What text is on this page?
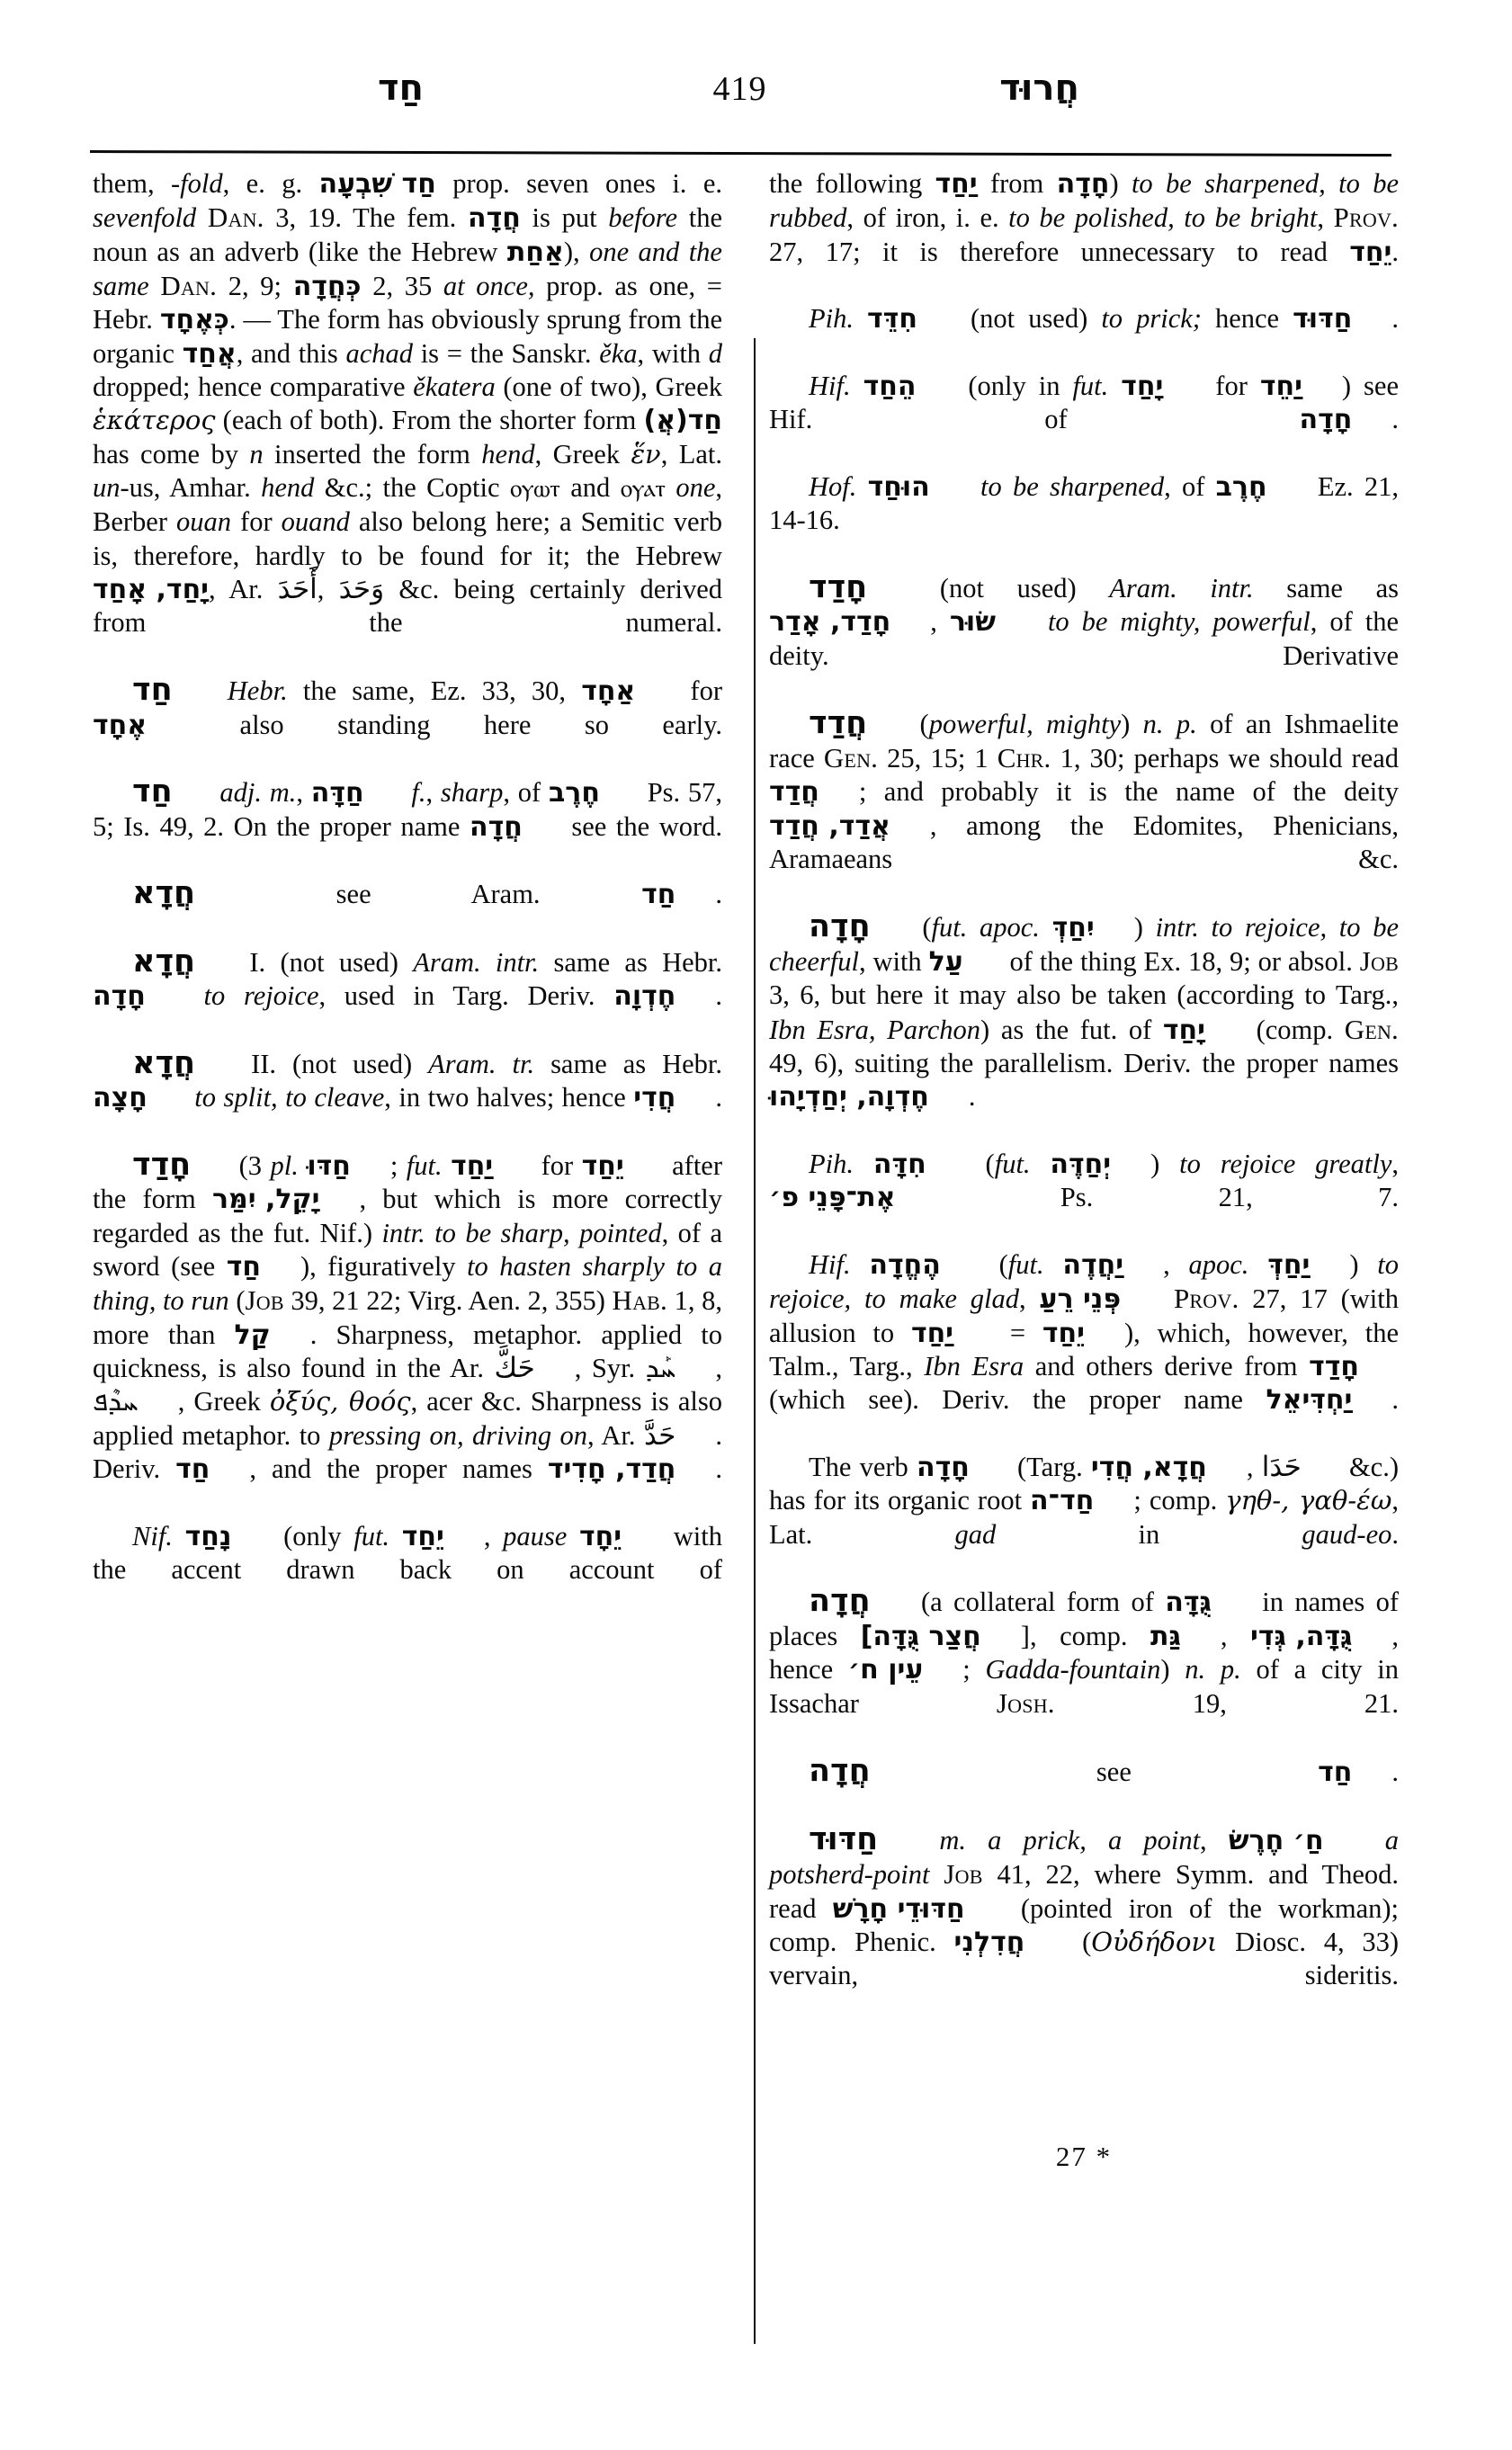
חַד	419	חֲרוּד

them, -fold, e. g. חַד שִׁבְעָה prop. seven ones i. e. sevenfold Dan. 3, 19. The fem. חֲדָה is put before the noun as an adverb (like the Hebrew אַחַת), one and the same Dan. 2, 9; כְּחֲדָה 2, 35 at once, prop. as one, = Hebr. כְּאֶחָד. — The form has obviously sprung from the organic אֲחַד, and this achad is = the Sanskr. ěka, with d dropped; hence comparative ěkatera (one of two), Greek ἑκάτερος (each of both). From the shorter form חַד(אֲ) has come by n inserted the form hend, Greek ἕν, Lat. un-us, Amhar. hend &c.; the Coptic ⲟⲩⲱⲧ and ⲟⲩⲁⲧ one, Berber ouan for ouand also belong here; a Semitic verb is, therefore, hardly to be found for it; the Hebrew יָחַד, אָחַד, Ar. أَحَدَ, وَحَدَ &c. being certainly derived from the numeral.

חַד Hebr. the same, Ez. 33, 30, אַחָד for אֶחָד also standing here so early.

חַד adj. m., חַדָּה f., sharp, of חֶרֶב Ps. 57, 5; Is. 49, 2. On the proper name חֲדָה see the word.

חֲדָא see Aram. חַד .

חֲדָא I. (not used) Aram. intr. same as Hebr. חָדָה to rejoice, used in Targ. Deriv. חֶדְוָה .

חֲדָא II. (not used) Aram. tr. same as Hebr. חָצָה to split, to cleave, in two halves; hence חֲדִי .

חָדַד (3 pl. חַדּוּ ; fut. יַחַד for יֵחַד after the form יָקֵל, יִמַּר , but which is more correctly regarded as the fut. Nif.) intr. to be sharp, pointed, of a sword (see חַד ), figuratively to hasten sharply to a thing, to run (Job 39, 21 22; Virg. Aen. 2, 355) Hab. 1, 8, more than קַל . Sharpness, metaphor. applied to quickness, is also found in the Ar. حَكَّ , Syr. ܚܰܕ , ܚܕܶܦ , Greek ὀξύς, θοός, acer &c. Sharpness is also applied metaphor. to pressing on, driving on, Ar. حَدَّ . Deriv. חַד , and the proper names חֲדַד, חָדִיד .

Nif. נָחַד (only fut. יֵחַד , pause יֵחָד with the accent drawn back on account of

the following יַחַד from חָדָה) to be sharpened, to be rubbed, of iron, i. e. to be polished, to be bright, Prov. 27, 17; it is therefore unnecessary to read יֵחַד.

Pih. חִדֵּד (not used) to prick; hence חַדּוּד .

Hif. הֵחַד (only in fut. יָחַד for יַחֵד ) see Hif. of חָדָה .

Hof. הוּחַד to be sharpened, of חֶרֶב Ez. 21, 14-16.

חָדַד (not used) Aram. intr. same as חָדַד, אָדַר , שׂוּר to be mighty, powerful, of the deity. Derivative

חֲדַד (powerful, mighty) n. p. of an Ishmaelite race Gen. 25, 15; 1 Chr. 1, 30; perhaps we should read חֲדַד ; and probably it is the name of the deity אֲדַד, חֲדַד , among the Edomites, Phenicians, Aramaeans &c.

חָדָה (fut. apoc. יִחַדְּ ) intr. to rejoice, to be cheerful, with עַל of the thing Ex. 18, 9; or absol. Job 3, 6, but here it may also be taken (according to Targ., Ibn Esra, Parchon) as the fut. of יָחַד (comp. Gen. 49, 6), suiting the parallelism. Deriv. the proper names חֶדְוָה, יְחַדְיָהוּ .

Pih. חִדָּה (fut. יְחַדֶּה ) to rejoice greatly, אֶת־פָּנֵי פ׳ Ps. 21, 7.

Hif. הֶחֱדָה (fut. יַחֲדֶה , apoc. יַחַדְּ ) to rejoice, to make glad, פְּנֵי רֵעַ Prov. 27, 17 (with allusion to יַחַד = יֵחַד ), which, however, the Talm., Targ., Ibn Esra and others derive from חָדַד (which see). Deriv. the proper name יַחְדִּיאֵל .

The verb חָדָה (Targ. חֲדָא, חֲדִי , حَدَا &c.) has for its organic root חַד־ה ; comp. γηθ-, γαθ-έω, Lat. gad in gaud-eo.

חֲדָה (a collateral form of גֻּדָּה in names of places חֲצַר גֻּדָּה] ], comp. גַּת , גֻּדָּה, גְּדִי , hence עֵין ח׳ ; Gadda-fountain) n. p. of a city in Issachar Josh. 19, 21.

חֲדָה see חַד .

חַדּוּד m. a prick, a point, חַ׳ חֶרֶשׂ a potsherd-point Job 41, 22, where Symm. and Theod. read חַדּוּדֵי חָרָשׁ (pointed iron of the workman); comp. Phenic. חֲדִלְנִי (Οὐδήδονι Diosc. 4, 33) vervain, sideritis.

27 *
